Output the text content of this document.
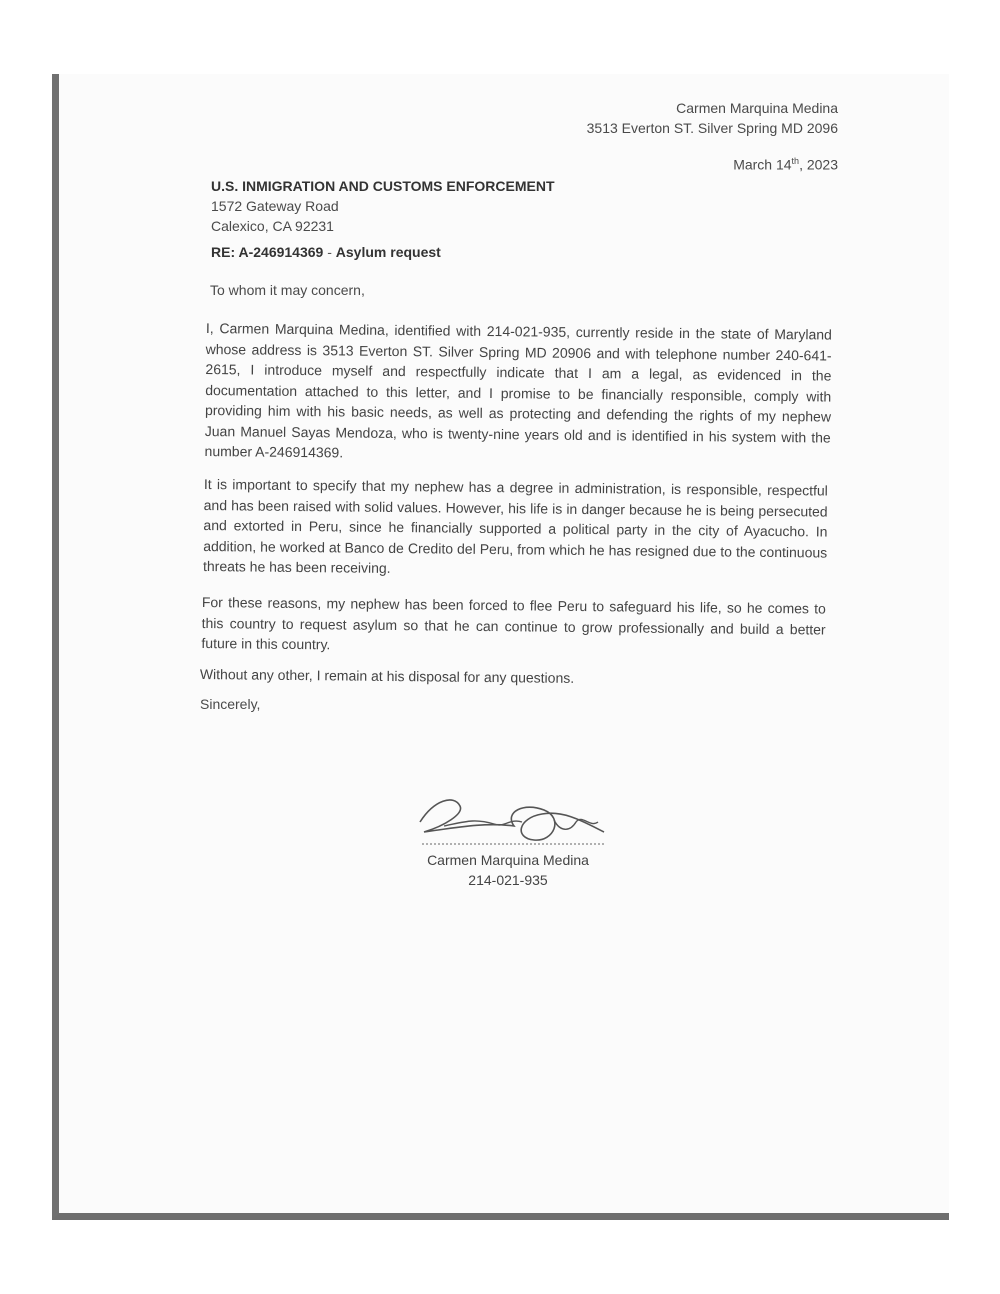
Carmen Marquina Medina
3513 Everton ST. Silver Spring MD 2096
March 14th, 2023
U.S. INMIGRATION AND CUSTOMS ENFORCEMENT
1572 Gateway Road
Calexico, CA 92231
RE: A-246914369 - Asylum request
To whom it may concern,
I, Carmen Marquina Medina, identified with 214-021-935, currently reside in the state of Maryland whose address is 3513 Everton ST. Silver Spring MD 20906 and with telephone number 240-641-2615, I introduce myself and respectfully indicate that I am a legal, as evidenced in the documentation attached to this letter, and I promise to be financially responsible, comply with providing him with his basic needs, as well as protecting and defending the rights of my nephew Juan Manuel Sayas Mendoza, who is twenty-nine years old and is identified in his system with the number A-246914369.
It is important to specify that my nephew has a degree in administration, is responsible, respectful and has been raised with solid values. However, his life is in danger because he is being persecuted and extorted in Peru, since he financially supported a political party in the city of Ayacucho. In addition, he worked at Banco de Credito del Peru, from which he has resigned due to the continuous threats he has been receiving.
For these reasons, my nephew has been forced to flee Peru to safeguard his life, so he comes to this country to request asylum so that he can continue to grow professionally and build a better future in this country.
Without any other, I remain at his disposal for any questions.
Sincerely,
Carmen Marquina Medina
214-021-935
